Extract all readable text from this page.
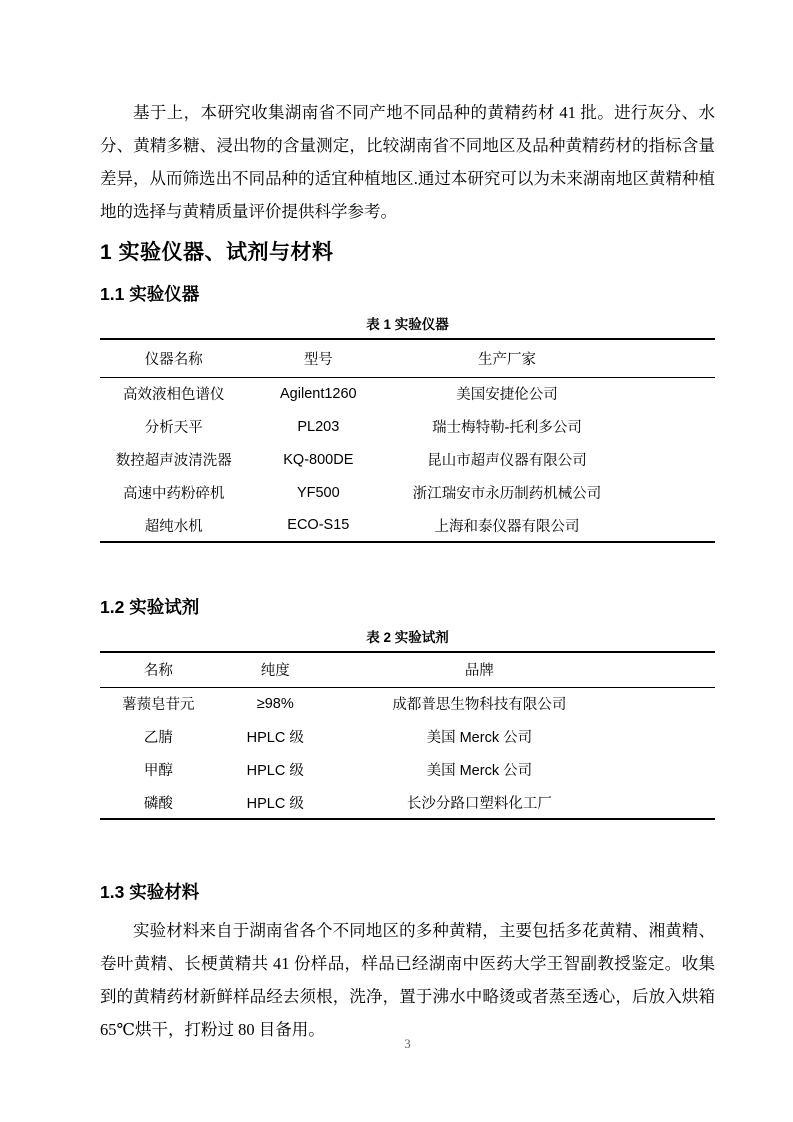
基于上，本研究收集湖南省不同产地不同品种的黄精药材 41 批。进行灰分、水分、黄精多糖、浸出物的含量测定，比较湖南省不同地区及品种黄精药材的指标含量差异，从而筛选出不同品种的适宜种植地区.通过本研究可以为未来湖南地区黄精种植地的选择与黄精质量评价提供科学参考。

1 实验仪器、试剂与材料
1.1 实验仪器
表 1 实验仪器
仪器名称	型号	生产厂家
高效液相色谱仪	Agilent1260	美国安捷伦公司
分析天平	PL203	瑞士梅特勒-托利多公司
数控超声波清洗器	KQ-800DE	昆山市超声仪器有限公司
高速中药粉碎机	YF500	浙江瑞安市永历制药机械公司
超纯水机	ECO-S15	上海和泰仪器有限公司
1.2 实验试剂
表 2 实验试剂
名称	纯度	品牌
薯蓣皂苷元	≥98%	成都普思生物科技有限公司
乙腈	HPLC 级	美国 Merck 公司
甲醇	HPLC 级	美国 Merck 公司
磷酸	HPLC 级	长沙分路口塑料化工厂
1.3 实验材料

实验材料来自于湖南省各个不同地区的多种黄精，主要包括多花黄精、湘黄精、卷叶黄精、长梗黄精共 41 份样品，样品已经湖南中医药大学王智副教授鉴定。收集到的黄精药材新鲜样品经去须根，洗净，置于沸水中略烫或者蒸至透心，后放入烘箱 65℃烘干，打粉过 80 目备用。

3
